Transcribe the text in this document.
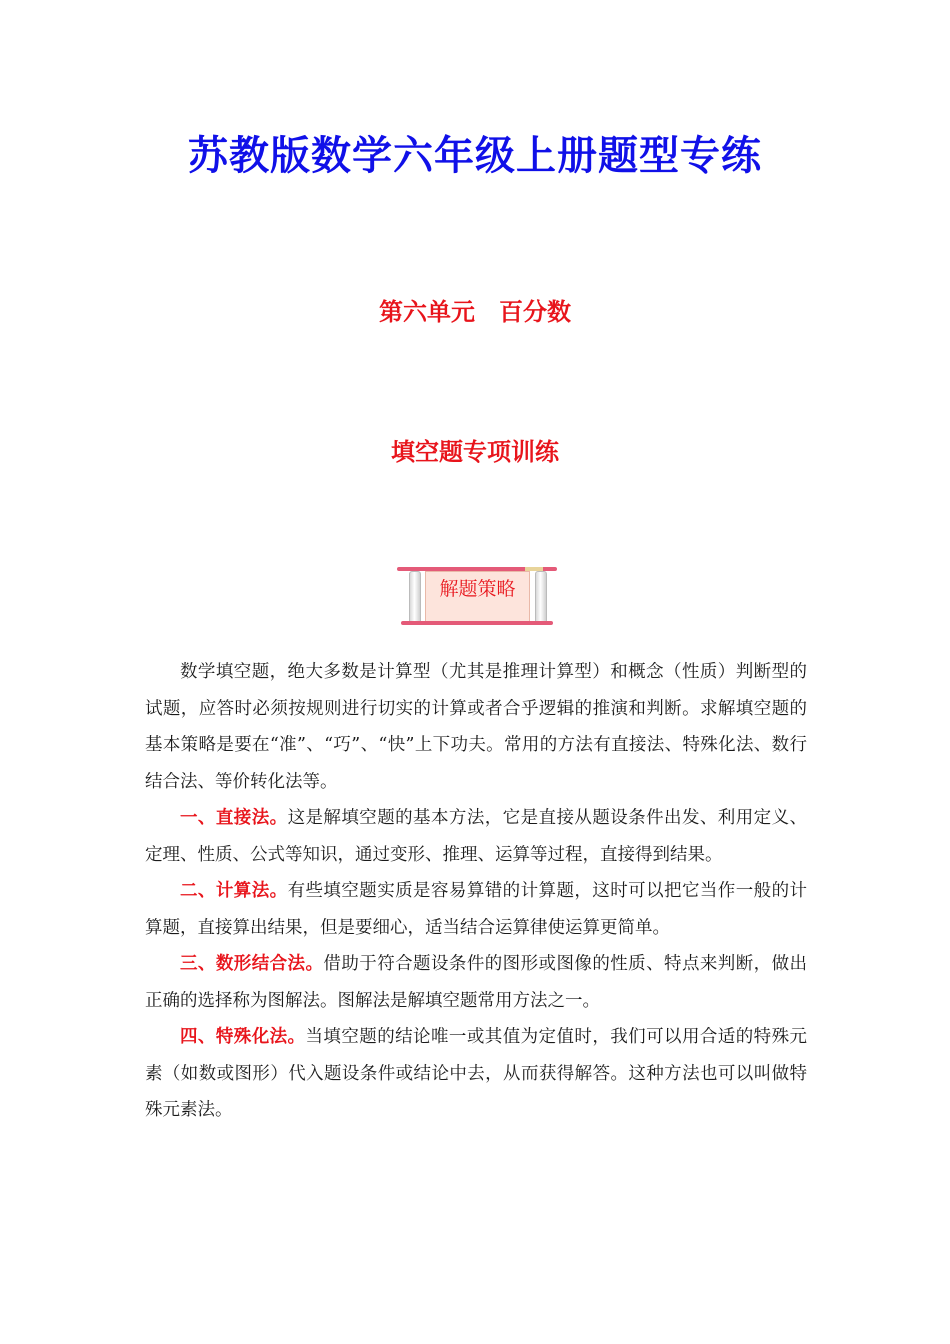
苏教版数学六年级上册题型专练
第六单元　百分数
填空题专项训练
解题策略

数学填空题，绝大多数是计算型（尤其是推理计算型）和概念（性质）判断型的试题，应答时必须按规则进行切实的计算或者合乎逻辑的推演和判断。求解填空题的基本策略是要在“准”、“巧”、“快”上下功夫。常用的方法有直接法、特殊化法、数行结合法、等价转化法等。

一、直接法。这是解填空题的基本方法，它是直接从题设条件出发、利用定义、定理、性质、公式等知识，通过变形、推理、运算等过程，直接得到结果。

二、计算法。有些填空题实质是容易算错的计算题，这时可以把它当作一般的计算题，直接算出结果，但是要细心，适当结合运算律使运算更简单。

三、数形结合法。借助于符合题设条件的图形或图像的性质、特点来判断，做出正确的选择称为图解法。图解法是解填空题常用方法之一。

四、特殊化法。当填空题的结论唯一或其值为定值时，我们可以用合适的特殊元素（如数或图形）代入题设条件或结论中去，从而获得解答。这种方法也可以叫做特殊元素法。
